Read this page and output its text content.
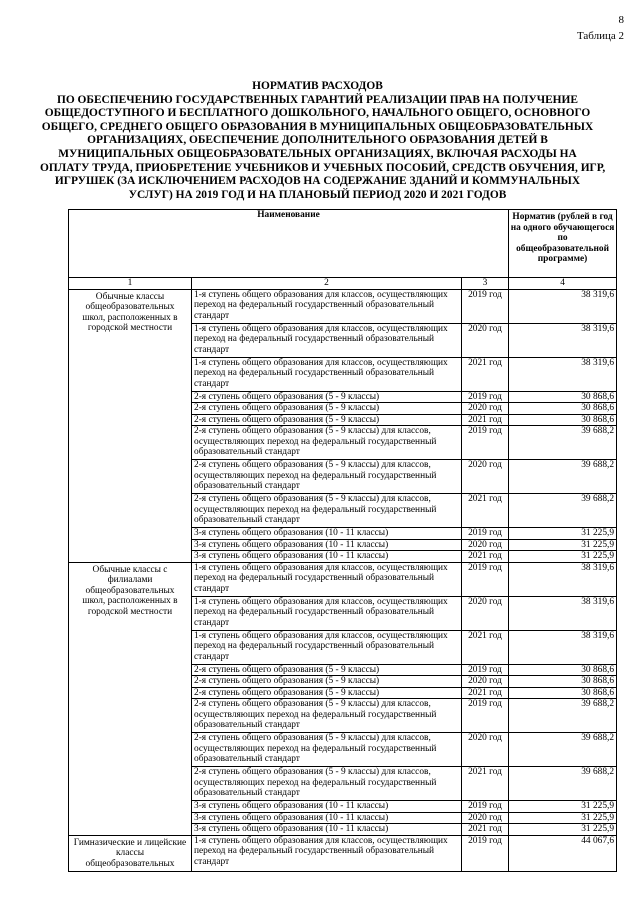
8
Таблица 2
НОРМАТИВ РАСХОДОВ
ПО ОБЕСПЕЧЕНИЮ ГОСУДАРСТВЕННЫХ ГАРАНТИЙ РЕАЛИЗАЦИИ ПРАВ НА ПОЛУЧЕНИЕ
ОБЩЕДОСТУПНОГО И БЕСПЛАТНОГО ДОШКОЛЬНОГО, НАЧАЛЬНОГО ОБЩЕГО, ОСНОВНОГО
ОБЩЕГО, СРЕДНЕГО ОБЩЕГО ОБРАЗОВАНИЯ В МУНИЦИПАЛЬНЫХ ОБЩЕОБРАЗОВАТЕЛЬНЫХ
ОРГАНИЗАЦИЯХ, ОБЕСПЕЧЕНИЕ ДОПОЛНИТЕЛЬНОГО ОБРАЗОВАНИЯ ДЕТЕЙ В
МУНИЦИПАЛЬНЫХ ОБЩЕОБРАЗОВАТЕЛЬНЫХ ОРГАНИЗАЦИЯХ, ВКЛЮЧАЯ РАСХОДЫ НА
ОПЛАТУ ТРУДА, ПРИОБРЕТЕНИЕ УЧЕБНИКОВ И УЧЕБНЫХ ПОСОБИЙ, СРЕДСТВ ОБУЧЕНИЯ, ИГР,
ИГРУШЕК (ЗА ИСКЛЮЧЕНИЕМ РАСХОДОВ НА СОДЕРЖАНИЕ ЗДАНИЙ И КОММУНАЛЬНЫХ
УСЛУГ) НА 2019 ГОД И НА ПЛАНОВЫЙ ПЕРИОД 2020 И 2021 ГОДОВ
Наименование			Норматив (рублей в год на одного обучающегося по общеобразовательной программе)
1	2	3	4
Обычные классы общеобразовательных школ, расположенных в городской местности	1-я ступень общего образования для классов, осуществляющих переход на федеральный государственный образовательный стандарт	2019 год	38 319,6
	1-я ступень общего образования для классов, осуществляющих переход на федеральный государственный образовательный стандарт	2020 год	38 319,6
	1-я ступень общего образования для классов, осуществляющих переход на федеральный государственный образовательный стандарт	2021 год	38 319,6
	2-я ступень общего образования (5 - 9 классы)	2019 год	30 868,6
	2-я ступень общего образования (5 - 9 классы)	2020 год	30 868,6
	2-я ступень общего образования (5 - 9 классы)	2021 год	30 868,6
	2-я ступень общего образования (5 - 9 классы) для классов, осуществляющих переход на федеральный государственный образовательный стандарт	2019 год	39 688,2
	2-я ступень общего образования (5 - 9 классы) для классов, осуществляющих переход на федеральный государственный образовательный стандарт	2020 год	39 688,2
	2-я ступень общего образования (5 - 9 классы) для классов, осуществляющих переход на федеральный государственный образовательный стандарт	2021 год	39 688,2
	3-я ступень общего образования (10 - 11 классы)	2019 год	31 225,9
	3-я ступень общего образования (10 - 11 классы)	2020 год	31 225,9
	3-я ступень общего образования (10 - 11 классы)	2021 год	31 225,9
Обычные классы с филиалами общеобразовательных школ, расположенных в городской местности	1-я ступень общего образования для классов, осуществляющих переход на федеральный государственный образовательный стандарт	2019 год	38 319,6
	1-я ступень общего образования для классов, осуществляющих переход на федеральный государственный образовательный стандарт	2020 год	38 319,6
	1-я ступень общего образования для классов, осуществляющих переход на федеральный государственный образовательный стандарт	2021 год	38 319,6
	2-я ступень общего образования (5 - 9 классы)	2019 год	30 868,6
	2-я ступень общего образования (5 - 9 классы)	2020 год	30 868,6
	2-я ступень общего образования (5 - 9 классы)	2021 год	30 868,6
	2-я ступень общего образования (5 - 9 классы) для классов, осуществляющих переход на федеральный государственный образовательный стандарт	2019 год	39 688,2
	2-я ступень общего образования (5 - 9 классы) для классов, осуществляющих переход на федеральный государственный образовательный стандарт	2020 год	39 688,2
	2-я ступень общего образования (5 - 9 классы) для классов, осуществляющих переход на федеральный государственный образовательный стандарт	2021 год	39 688,2
	3-я ступень общего образования (10 - 11 классы)	2019 год	31 225,9
	3-я ступень общего образования (10 - 11 классы)	2020 год	31 225,9
	3-я ступень общего образования (10 - 11 классы)	2021 год	31 225,9
Гимназические и лицейские классы общеобразовательных	1-я ступень общего образования для классов, осуществляющих переход на федеральный государственный образовательный стандарт	2019 год	44 067,6
